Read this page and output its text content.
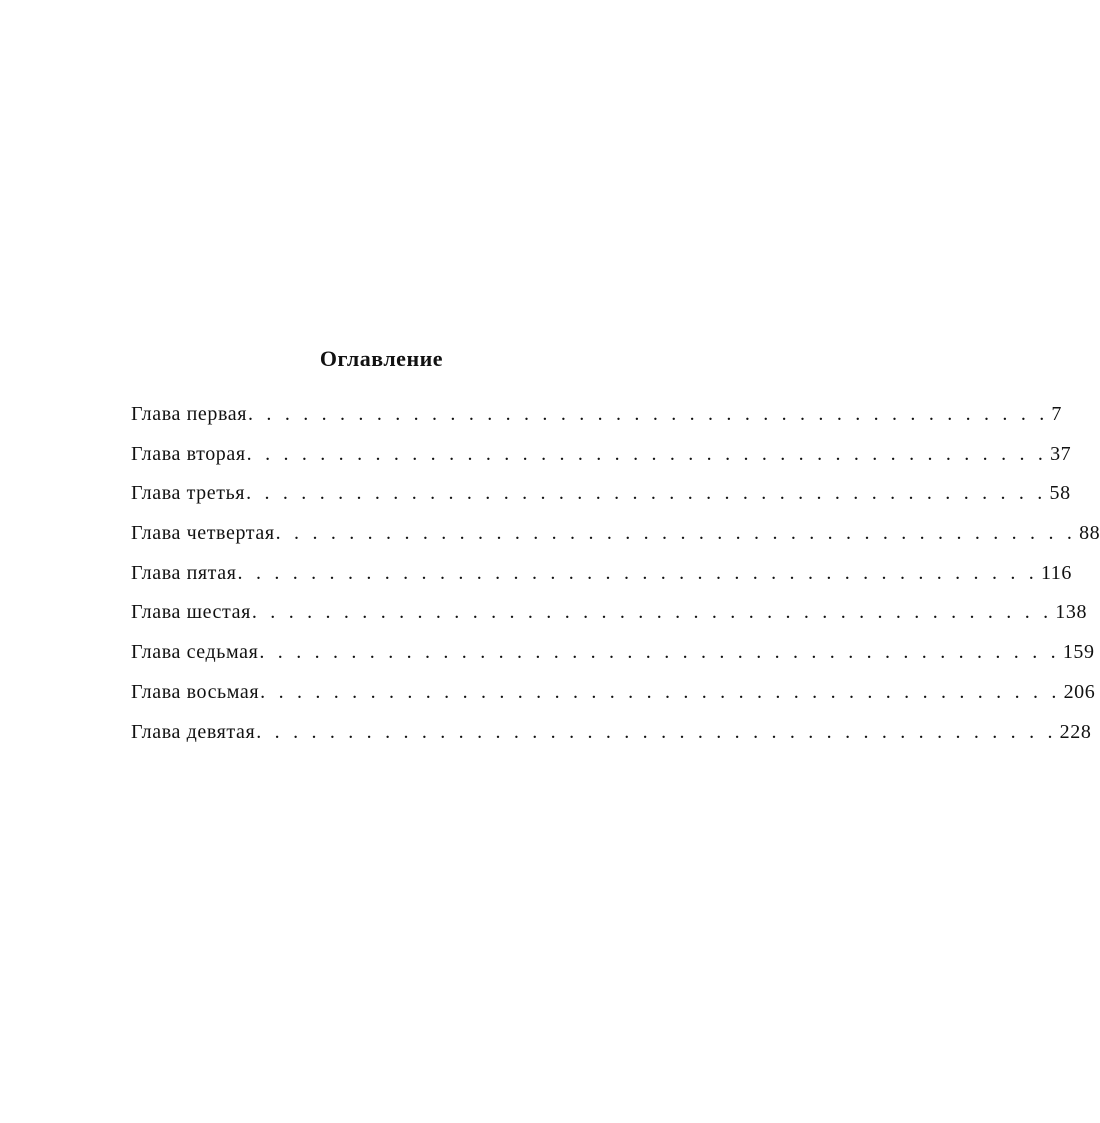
Оглавление
Глава первая . . . . . . . . . . . . . . . . . . . . . . . . . . . . . . . . . . . . . . . . . . . . 7
Глава вторая . . . . . . . . . . . . . . . . . . . . . . . . . . . . . . . . . . . . . . . . . . . . 37
Глава третья . . . . . . . . . . . . . . . . . . . . . . . . . . . . . . . . . . . . . . . . . . . . 58
Глава четвертая . . . . . . . . . . . . . . . . . . . . . . . . . . . . . . . . . . . . . . . . . . . . 88
Глава пятая . . . . . . . . . . . . . . . . . . . . . . . . . . . . . . . . . . . . . . . . . . . . 116
Глава шестая . . . . . . . . . . . . . . . . . . . . . . . . . . . . . . . . . . . . . . . . . . . . 138
Глава седьмая . . . . . . . . . . . . . . . . . . . . . . . . . . . . . . . . . . . . . . . . . . . . 159
Глава восьмая . . . . . . . . . . . . . . . . . . . . . . . . . . . . . . . . . . . . . . . . . . . . 206
Глава девятая . . . . . . . . . . . . . . . . . . . . . . . . . . . . . . . . . . . . . . . . . . . . 228
